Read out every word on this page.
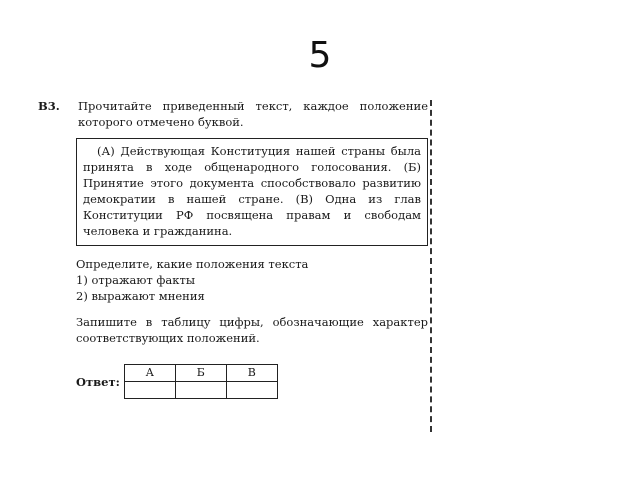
5
В3.	Прочитайте приведенный текст, каждое положение которого отмечено буквой.
(А) Действующая Конституция нашей страны была принята в ходе общенародного голосования. (Б) Принятие этого документа способствовало развитию демократии в нашей стране. (В) Одна из глав Конституции РФ посвящена правам и свободам человека и гражданина.
Определите, какие положения текста
1) отражают факты
2) выражают мнения
Запишите в таблицу цифры, обозначающие характер соответствующих положений.
Ответ:
А	Б	В
